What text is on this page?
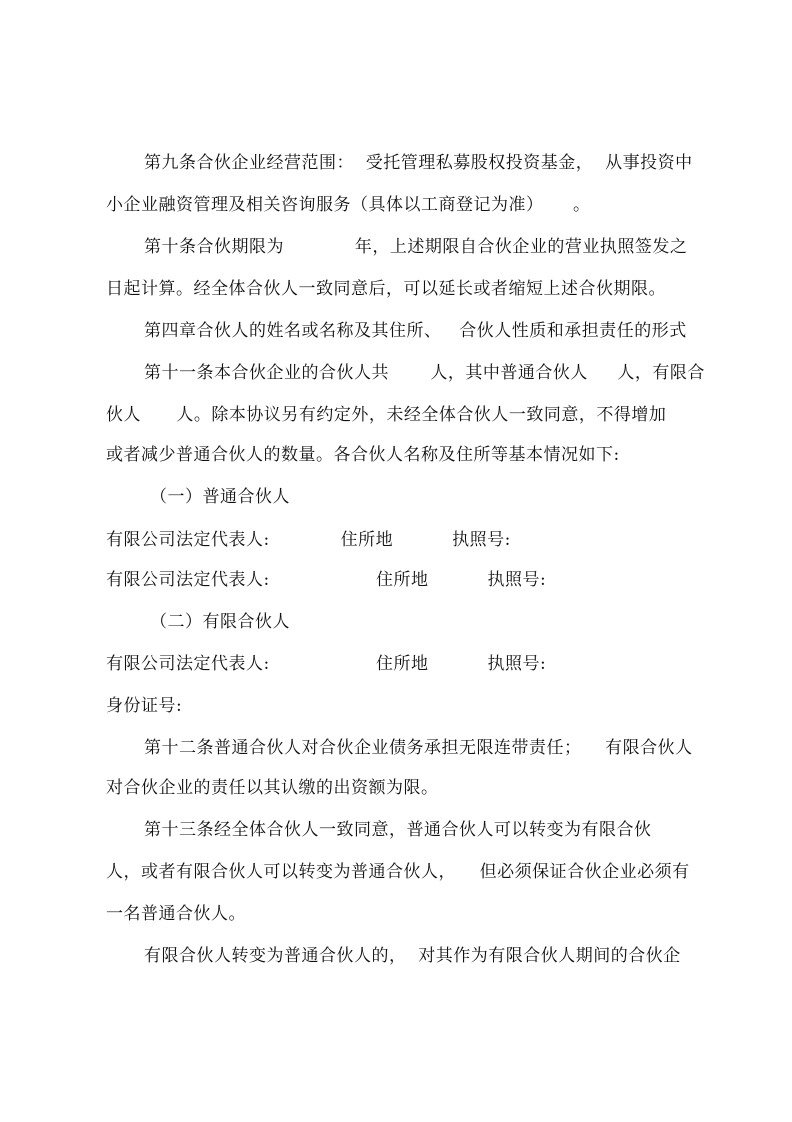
第九条合伙企业经营范围：  受托管理私募股权投资基金，  从事投资中
小企业融资管理及相关咨询服务（具体以工商登记为准）     。
第十条合伙期限为            年，上述期限自合伙企业的营业执照签发之
日起计算。经全体合伙人一致同意后，可以延长或者缩短上述合伙期限。
第四章合伙人的姓名或名称及其住所、   合伙人性质和承担责任的形式
第十一条本合伙企业的合伙人共       人，其中普通合伙人     人，有限合
伙人      人。除本协议另有约定外，未经全体合伙人一致同意，不得增加
或者减少普通合伙人的数量。各合伙人名称及住所等基本情况如下:
（一）普通合伙人
有限公司法定代表人:            住所地          执照号:
有限公司法定代表人:                  住所地          执照号:
（二）有限合伙人
有限公司法定代表人:                  住所地          执照号:
身份证号:
第十二条普通合伙人对合伙企业债务承担无限连带责任；    有限合伙人
对合伙企业的责任以其认缴的出资额为限。
第十三条经全体合伙人一致同意，普通合伙人可以转变为有限合伙
人，或者有限合伙人可以转变为普通合伙人，    但必须保证合伙企业必须有
一名普通合伙人。
有限合伙人转变为普通合伙人的，  对其作为有限合伙人期间的合伙企
